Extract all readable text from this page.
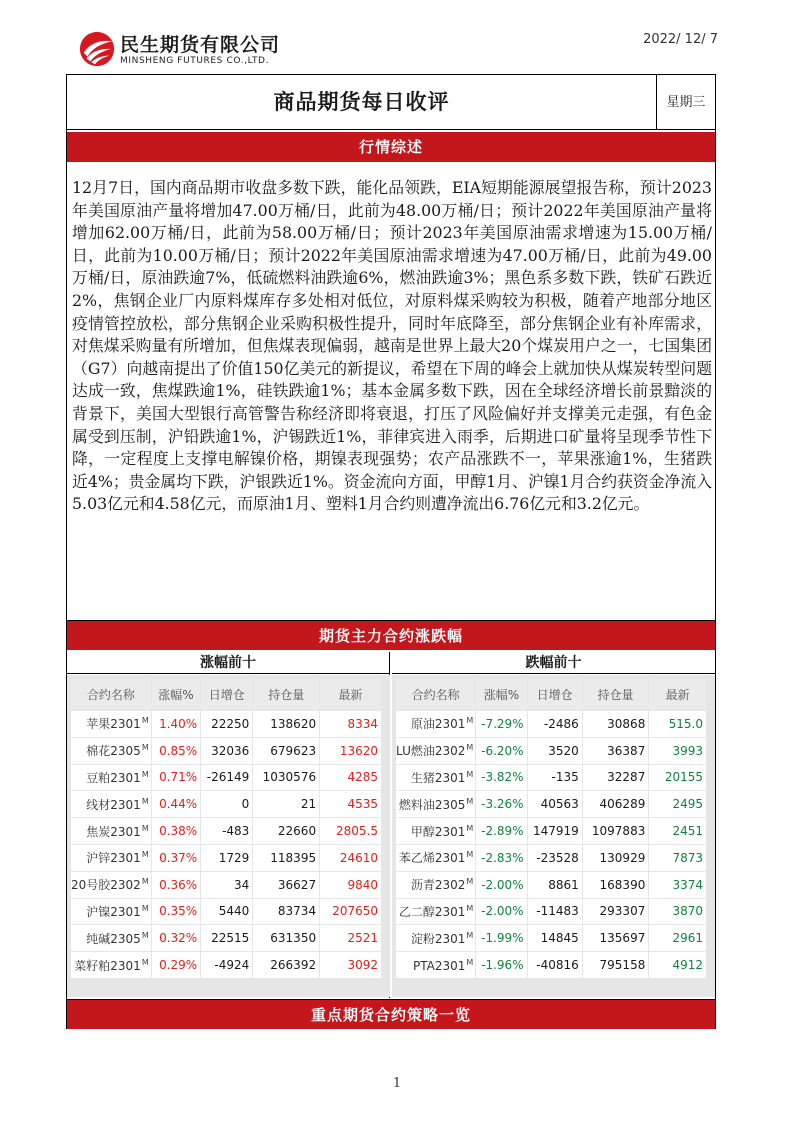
民生期货有限公司
MINSHENG FUTURES CO.,LTD.
2022/ 12/ 7
商品期货每日收评	星期三
行情综述
12月7日，国内商品期市收盘多数下跌，能化品领跌，EIA短期能源展望报告称，预计2023年美国原油产量将增加47.00万桶/日，此前为48.00万桶/日；预计2022年美国原油产量将增加62.00万桶/日，此前为58.00万桶/日；预计2023年美国原油需求增速为15.00万桶/日，此前为10.00万桶/日；预计2022年美国原油需求增速为47.00万桶/日，此前为49.00万桶/日，原油跌逾7%，低硫燃料油跌逾6%，燃油跌逾3%；黑色系多数下跌，铁矿石跌近2%，焦钢企业厂内原料煤库存多处相对低位，对原料煤采购较为积极，随着产地部分地区疫情管控放松，部分焦钢企业采购积极性提升，同时年底降至，部分焦钢企业有补库需求，对焦煤采购量有所增加，但焦煤表现偏弱，越南是世界上最大20个煤炭用户之一，七国集团（G7）向越南提出了价值150亿美元的新提议，希望在下周的峰会上就加快从煤炭转型问题达成一致，焦煤跌逾1%，硅铁跌逾1%；基本金属多数下跌，因在全球经济增长前景黯淡的背景下，美国大型银行高管警告称经济即将衰退，打压了风险偏好并支撑美元走强，有色金属受到压制，沪铅跌逾1%，沪锡跌近1%，菲律宾进入雨季，后期进口矿量将呈现季节性下降，一定程度上支撑电解镍价格，期镍表现强势；农产品涨跌不一，苹果涨逾1%，生猪跌近4%；贵金属均下跌，沪银跌近1%。资金流向方面，甲醇1月、沪镍1月合约获资金净流入5.03亿元和4.58亿元，而原油1月、塑料1月合约则遭净流出6.76亿元和3.2亿元。
期货主力合约涨跌幅
涨幅前十
合约名称	涨幅%	日增仓	持仓量	最新
苹果$2301^M$	1.40%	22250	138620	8334
棉花$2305^M$	0.85%	32036	679623	13620
豆粕$2301^M$	0.71%	-26149	1030576	4285
线材$2301^M$	0.44%	0	21	4535
焦炭$2301^M$	0.38%	-483	22660	2805.5
沪锌$2301^M$	0.37%	1729	118395	24610
20号胶$2302^M$	0.36%	34	36627	9840
沪镍$2301^M$	0.35%	5440	83734	207650
纯碱$2305^M$	0.32%	22515	631350	2521
菜籽粕$2301^M$	0.29%	-4924	266392	3092
跌幅前十
合约名称	涨幅%	日增仓	持仓量	最新
原油$2301^M$	-7.29%	-2486	30868	515.0
LU燃油$2302^M$	-6.20%	3520	36387	3993
生猪$2301^M$	-3.82%	-135	32287	20155
燃料油$2305^M$	-3.26%	40563	406289	2495
甲醇$2301^M$	-2.89%	147919	1097883	2451
苯乙烯$2301^M$	-2.83%	-23528	130929	7873
沥青$2302^M$	-2.00%	8861	168390	3374
乙二醇$2301^M$	-2.00%	-11483	293307	3870
淀粉$2301^M$	-1.99%	14845	135697	2961
$PTA2301^M$	-1.96%	-40816	795158	4912
重点期货合约策略一览
1
